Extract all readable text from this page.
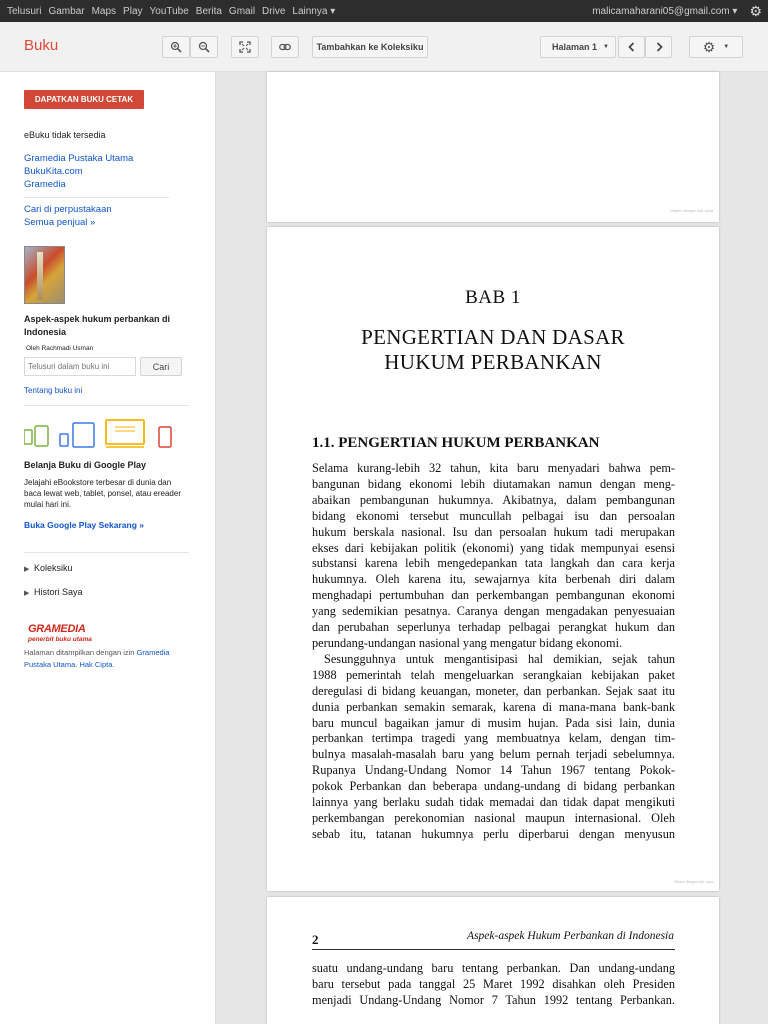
Telusuri Gambar Maps Play YouTube Berita Gmail Drive Lainnya ▾	malicamaharani05@gmail.com ▾ ⚙
Buku	Tambahkan ke Koleksiku	Halaman 1 ▼	⚙ ▼
DAPATKAN BUKU CETAK
eBuku tidak tersedia
Gramedia Pustaka Utama
BukuKita.com
Gramedia
Cari di perpustakaan
Semua penjual »
Aspek-aspek hukum perbankan di Indonesia
Oleh Rachmadi Usman
Telusuri dalam buku ini
Cari
Tentang buku ini
Belanja Buku di Google Play
Jelajahi eBookstore terbesar di dunia dan baca lewat web, tablet, ponsel, atau ereader mulai hari ini.
Buka Google Play Sekarang »
▶ Koleksiku
▶ Histori Saya
GRAMEDIA
penerbit buku utama
Halaman ditampilkan dengan izin Gramedia Pustaka Utama. Hak Cipta.
Materi dengan hak cipta
BAB 1
PENGERTIAN DAN DASAR
HUKUM PERBANKAN
1.1. PENGERTIAN HUKUM PERBANKAN
Selama kurang-lebih 32 tahun, kita baru menyadari bahwa pem-
bangunan bidang ekonomi lebih diutamakan namun dengan meng-
abaikan pembangunan hukumnya. Akibatnya, dalam pembangunan
bidang ekonomi tersebut muncullah pelbagai isu dan persoalan
hukum berskala nasional. Isu dan persoalan hukum tadi merupakan
ekses dari kebijakan politik (ekonomi) yang tidak mempunyai esensi
substansi karena lebih mengedepankan tata langkah dan cara kerja
hukumnya. Oleh karena itu, sewajarnya kita berbenah diri dalam
menghadapi pertumbuhan dan perkembangan pembangunan ekonomi
yang sedemikian pesatnya. Caranya dengan mengadakan penyesuaian
dan perubahan seperlunya terhadap pelbagai perangkat hukum dan
perundang-undangan nasional yang mengatur bidang ekonomi.
Sesungguhnya untuk mengantisipasi hal demikian, sejak tahun
1988 pemerintah telah mengeluarkan serangkaian kebijakan paket
deregulasi di bidang keuangan, moneter, dan perbankan. Sejak saat itu
dunia perbankan semakin semarak, karena di mana-mana bank-bank
baru muncul bagaikan jamur di musim hujan. Pada sisi lain, dunia
perbankan tertimpa tragedi yang membuatnya kelam, dengan tim-
bulnya masalah-masalah baru yang belum pernah terjadi sebelumnya.
Rupanya Undang-Undang Nomor 14 Tahun 1967 tentang Pokok-
pokok Perbankan dan beberapa undang-undang di bidang perbankan
lainnya yang berlaku sudah tidak memadai dan tidak dapat mengikuti
perkembangan perekonomian nasional maupun internasional. Oleh
sebab itu, tatanan hukumnya perlu diperbarui dengan menyusun
Materi dengan hak cipta
2	Aspek-aspek Hukum Perbankan di Indonesia
suatu undang-undang baru tentang perbankan. Dan undang-undang
baru tersebut pada tanggal 25 Maret 1992 disahkan oleh Presiden
menjadi Undang-Undang Nomor 7 Tahun 1992 tentang Perbankan.
